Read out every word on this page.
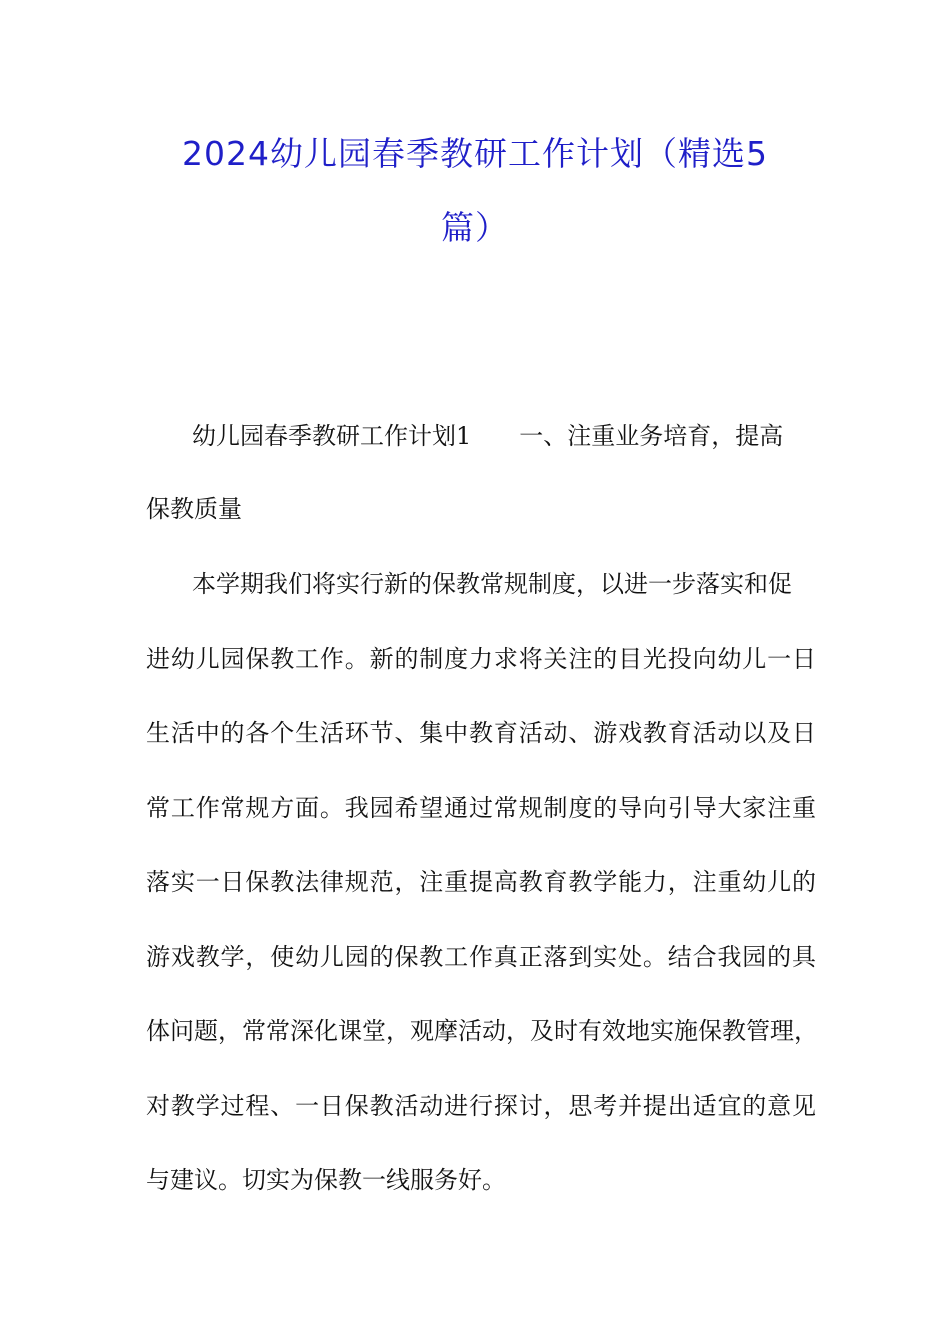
2024幼儿园春季教研工作计划（精选5
篇）

幼儿园春季教研工作计划1 一、注重业务培育，提高

保教质量

本学期我们将实行新的保教常规制度，以进一步落实和促

进幼儿园保教工作。新的制度力求将关注的目光投向幼儿一日

生活中的各个生活环节、集中教育活动、游戏教育活动以及日

常工作常规方面。我园希望通过常规制度的导向引导大家注重

落实一日保教法律规范，注重提高教育教学能力，注重幼儿的

游戏教学，使幼儿园的保教工作真正落到实处。结合我园的具

体问题，常常深化课堂，观摩活动，及时有效地实施保教管理，

对教学过程、一日保教活动进行探讨，思考并提出适宜的意见

与建议。切实为保教一线服务好。
